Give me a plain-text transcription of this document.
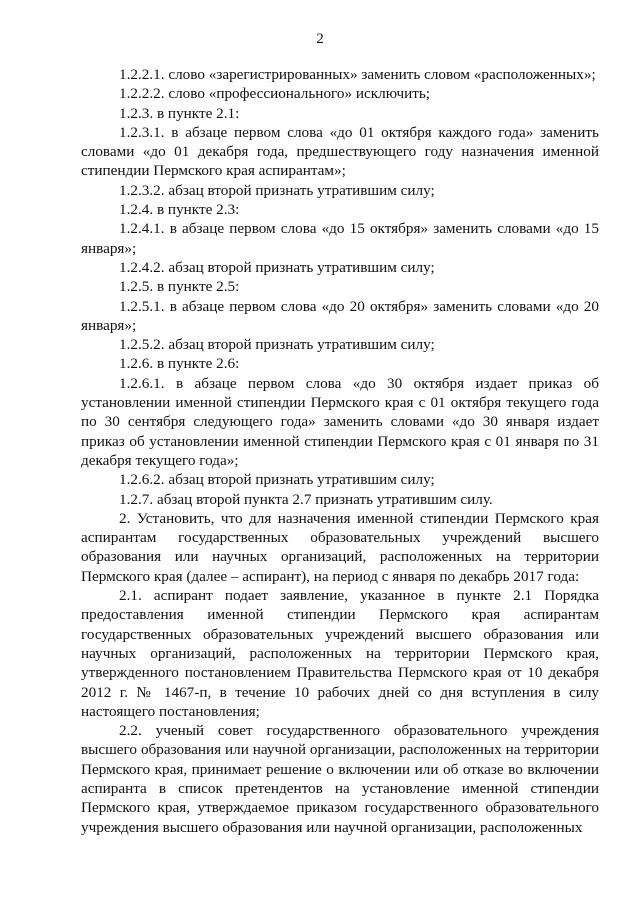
2

1.2.2.1. слово «зарегистрированных» заменить словом «расположенных»;

1.2.2.2. слово «профессионального» исключить;

1.2.3. в пункте 2.1:

1.2.3.1. в абзаце первом слова «до 01 октября каждого года» заменить словами «до 01 декабря года, предшествующего году назначения именной стипендии Пермского края аспирантам»;

1.2.3.2. абзац второй признать утратившим силу;

1.2.4. в пункте 2.3:

1.2.4.1. в абзаце первом слова «до 15 октября» заменить словами «до 15 января»;

1.2.4.2. абзац второй признать утратившим силу;

1.2.5. в пункте 2.5:

1.2.5.1. в абзаце первом слова «до 20 октября» заменить словами «до 20 января»;

1.2.5.2. абзац второй признать утратившим силу;

1.2.6. в пункте 2.6:

1.2.6.1. в абзаце первом слова «до 30 октября издает приказ об установлении именной стипендии Пермского края с 01 октября текущего года по 30 сентября следующего года» заменить словами «до 30 января издает приказ об установлении именной стипендии Пермского края с 01 января по 31 декабря текущего года»;

1.2.6.2. абзац второй признать утратившим силу;

1.2.7. абзац второй пункта 2.7 признать утратившим силу.

2. Установить, что для назначения именной стипендии Пермского края аспирантам государственных образовательных учреждений высшего образования или научных организаций, расположенных на территории Пермского края (далее – аспирант), на период с января по декабрь 2017 года:

2.1. аспирант подает заявление, указанное в пункте 2.1 Порядка предоставления именной стипендии Пермского края аспирантам государственных образовательных учреждений высшего образования или научных организаций, расположенных на территории Пермского края, утвержденного постановлением Правительства Пермского края от 10 декабря 2012 г. № 1467-п, в течение 10 рабочих дней со дня вступления в силу настоящего постановления;

2.2. ученый совет государственного образовательного учреждения высшего образования или научной организации, расположенных на территории Пермского края, принимает решение о включении или об отказе во включении аспиранта в список претендентов на установление именной стипендии Пермского края, утверждаемое приказом государственного образовательного учреждения высшего образования или научной организации, расположенных
